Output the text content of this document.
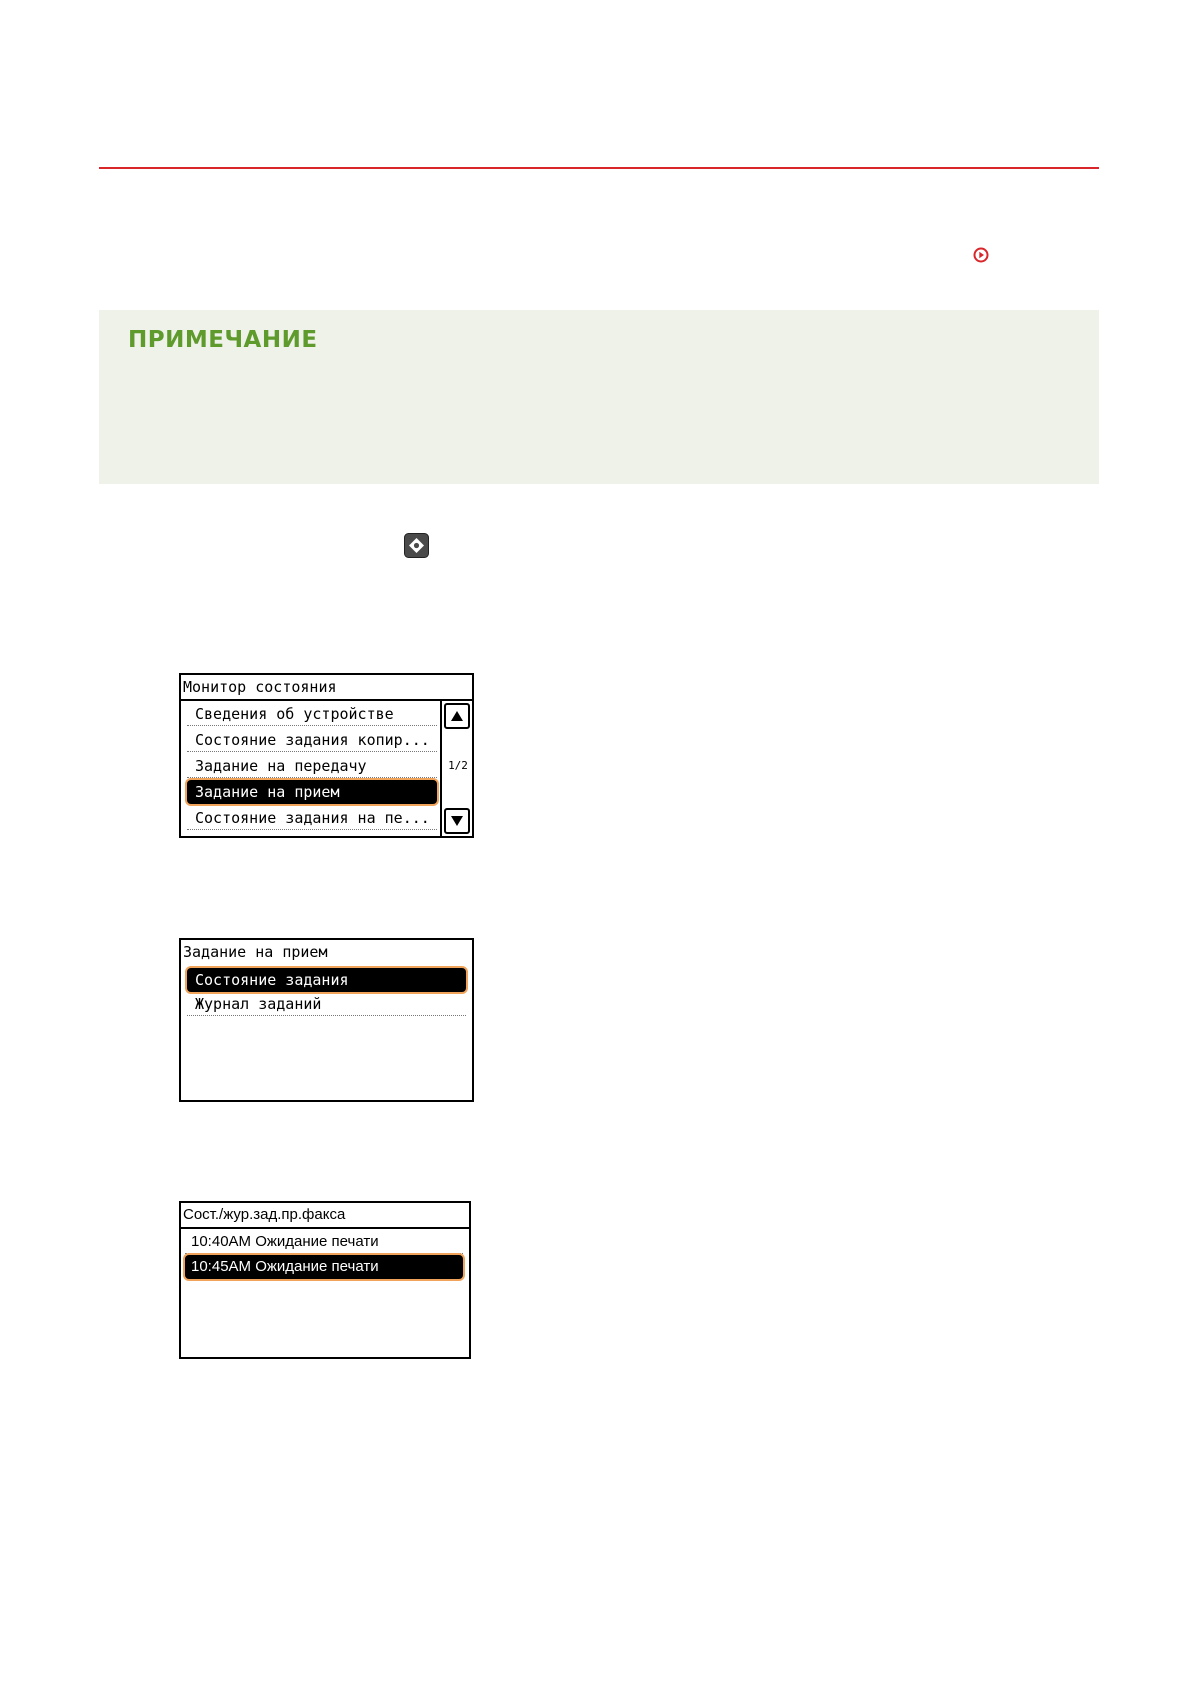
ПРИМЕЧАНИЕ
Монитор состояния
Сведения об устройстве
Состояние задания копир...
Задание на передачу
Задание на прием
Состояние задания на пе...
1/2
Задание на прием
Состояние задания
Журнал заданий
Сост./жур.зад.пр.факса
10:40AM Ожидание печати
10:45AM Ожидание печати
